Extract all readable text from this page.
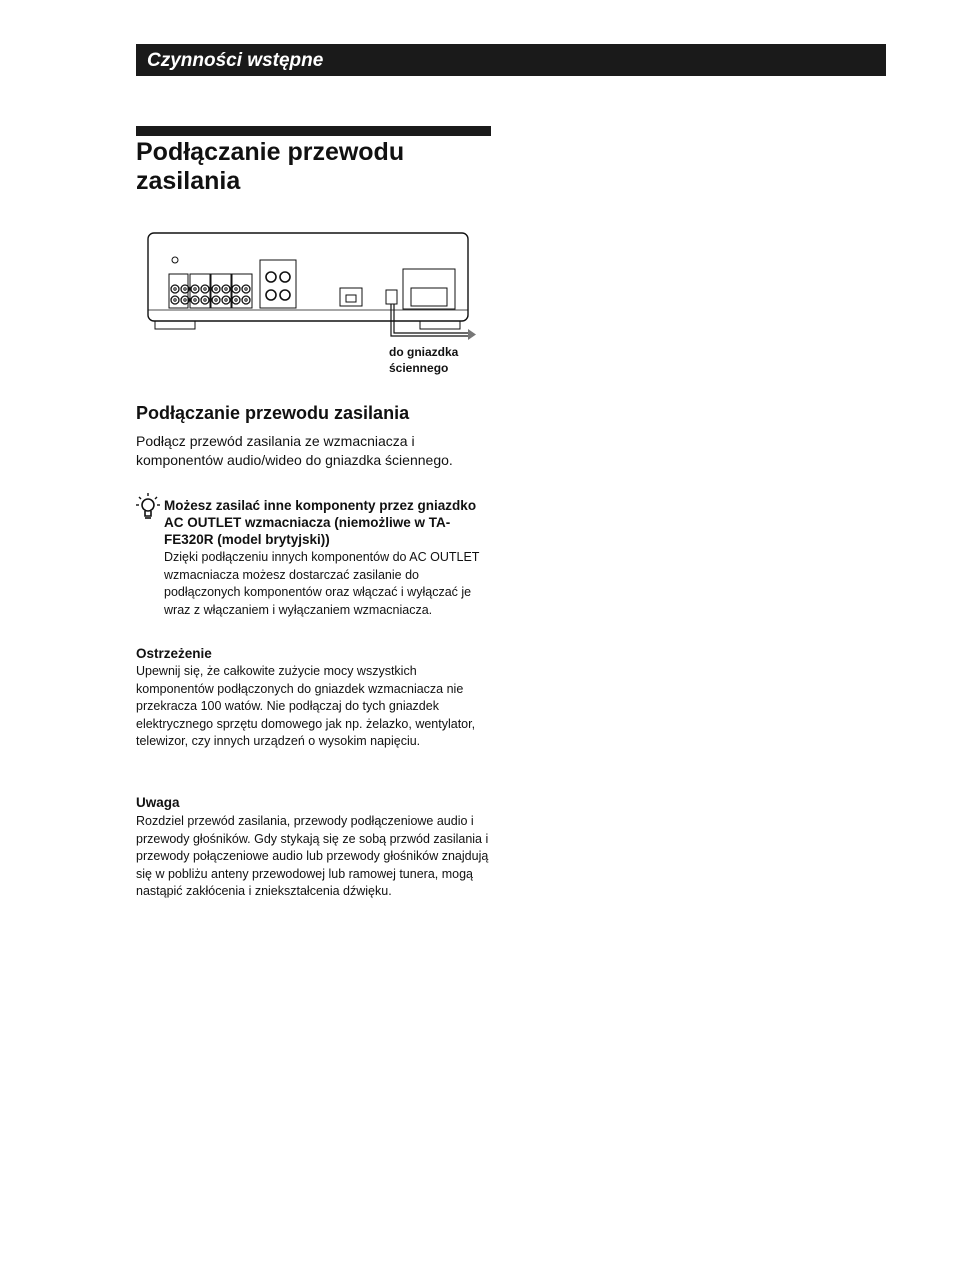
Czynności wstępne
Podłączanie przewodu zasilania
do gniazdka
ściennego
Podłączanie przewodu zasilania
Podłącz przewód zasilania ze wzmacniacza i komponentów audio/wideo do gniazdka ściennego.
Możesz zasilać inne komponenty przez gniazdko AC OUTLET wzmacniacza (niemożliwe w TA-FE320R (model brytyjski))
Dzięki podłączeniu innych komponentów do AC OUTLET wzmacniacza możesz dostarczać zasilanie do podłączonych komponentów oraz włączać i wyłączać je wraz z włączaniem i wyłączaniem wzmacniacza.
Ostrzeżenie
Upewnij się, że całkowite zużycie mocy wszystkich komponentów podłączonych do gniazdek wzmacniacza nie przekracza 100 watów. Nie podłączaj do tych gniazdek elektrycznego sprzętu domowego jak np. żelazko, wentylator, telewizor, czy innych urządzeń o wysokim napięciu.
Uwaga
Rozdziel przewód zasilania, przewody podłączeniowe audio i przewody głośników. Gdy stykają się ze sobą przwód zasilania i przewody połączeniowe audio lub przewody głośników znajdują się w pobliżu anteny przewodowej lub ramowej tunera, mogą nastąpić zakłócenia i zniekształcenia dźwięku.
